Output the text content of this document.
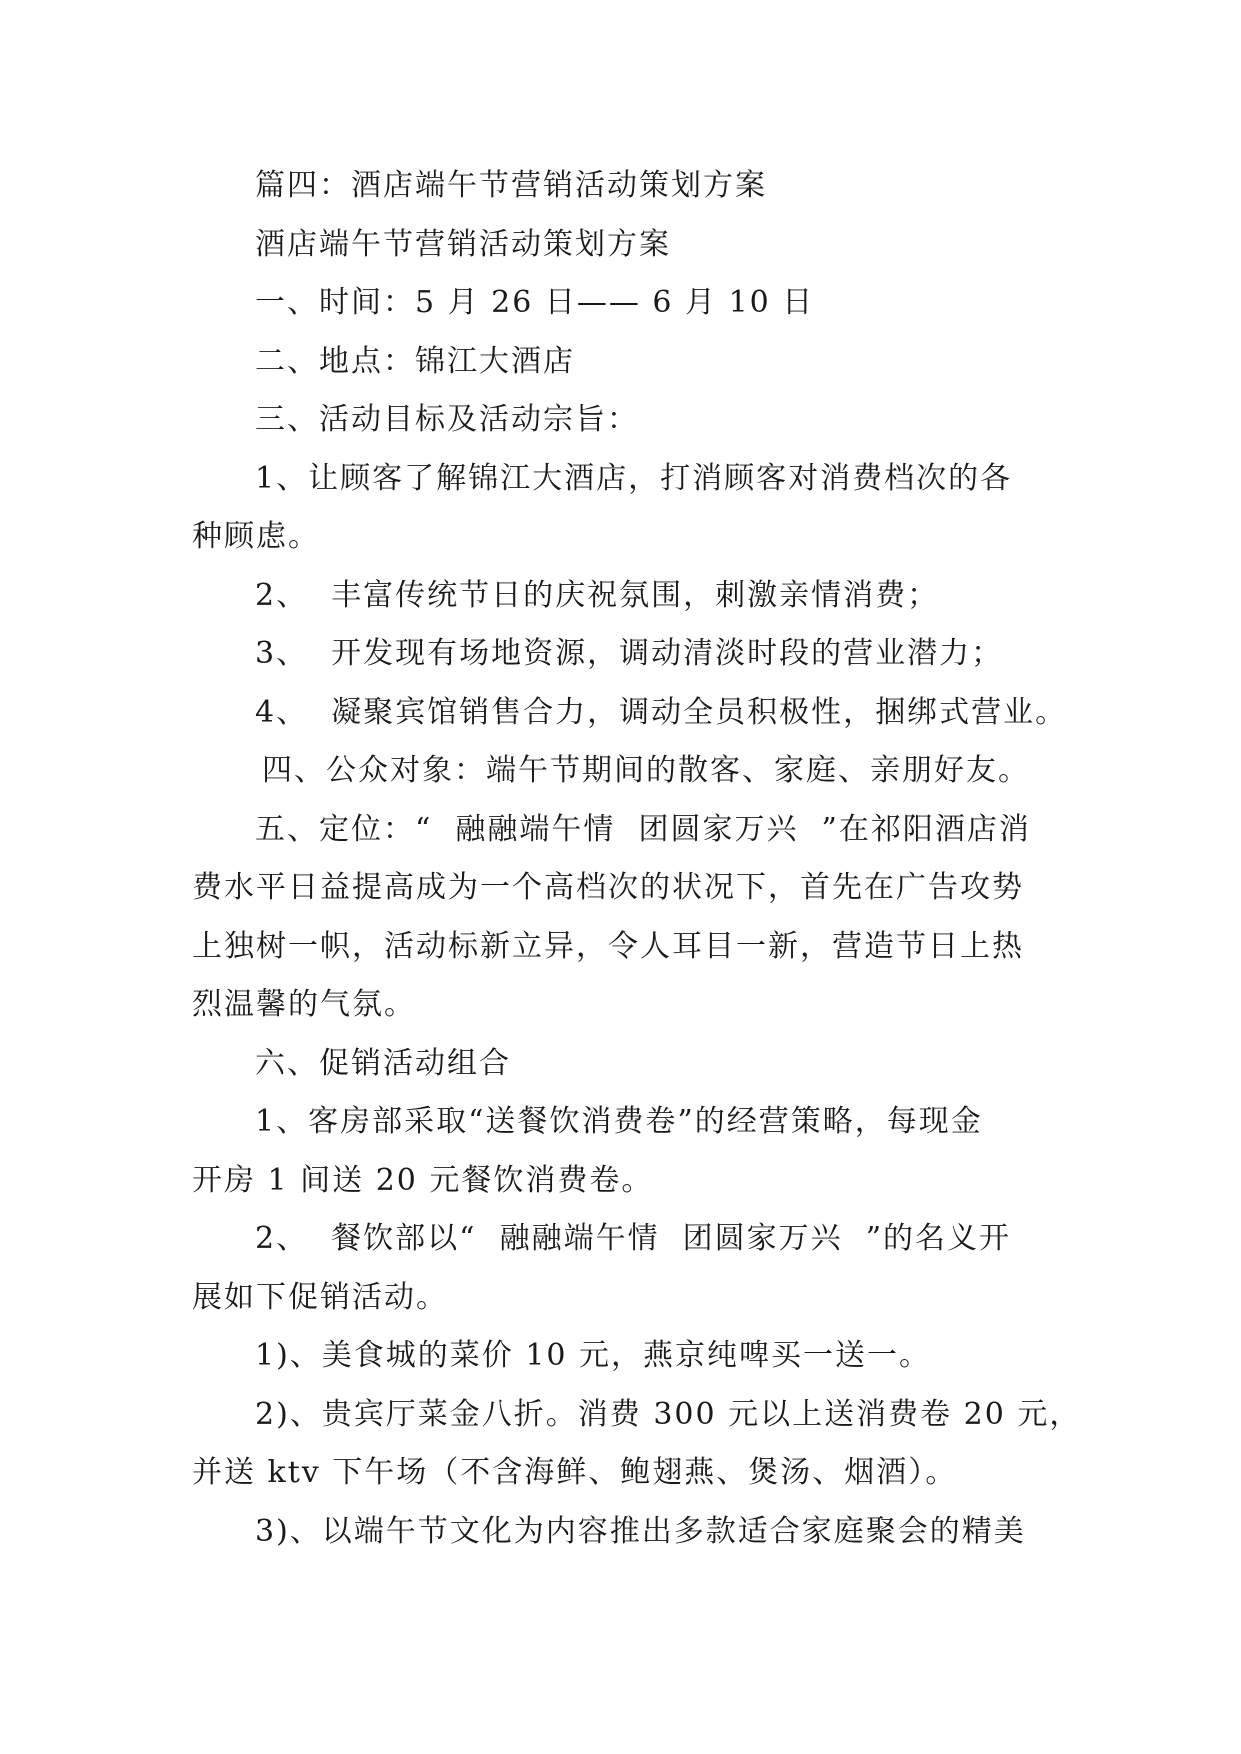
篇四：酒店端午节营销活动策划方案
酒店端午节营销活动策划方案
一、时间：5 月 26 日—— 6 月 10 日
二、地点：锦江大酒店
三、活动目标及活动宗旨：
1、让顾客了解锦江大酒店，打消顾客对消费档次的各
种顾虑。
2、  丰富传统节日的庆祝氛围，刺激亲情消费；
3、  开发现有场地资源，调动清淡时段的营业潜力；
4、  凝聚宾馆销售合力，调动全员积极性，捆绑式营业。
四、公众对象：端午节期间的散客、家庭、亲朋好友。
五、定位：“  融融端午情  团圆家万兴  ”在祁阳酒店消
费水平日益提高成为一个高档次的状况下，首先在广告攻势
上独树一帜，活动标新立异，令人耳目一新，营造节日上热
烈温馨的气氛。
六、促销活动组合
1、客房部采取“送餐饮消费卷”的经营策略，每现金
开房 1 间送 20 元餐饮消费卷。
2、  餐饮部以“  融融端午情  团圆家万兴  ”的名义开
展如下促销活动。
1)、美食城的菜价 10 元，燕京纯啤买一送一。
2)、贵宾厅菜金八折。消费 300 元以上送消费卷 20 元，
并送 ktv 下午场（不含海鲜、鲍翅燕、煲汤、烟酒）。
3)、以端午节文化为内容推出多款适合家庭聚会的精美
